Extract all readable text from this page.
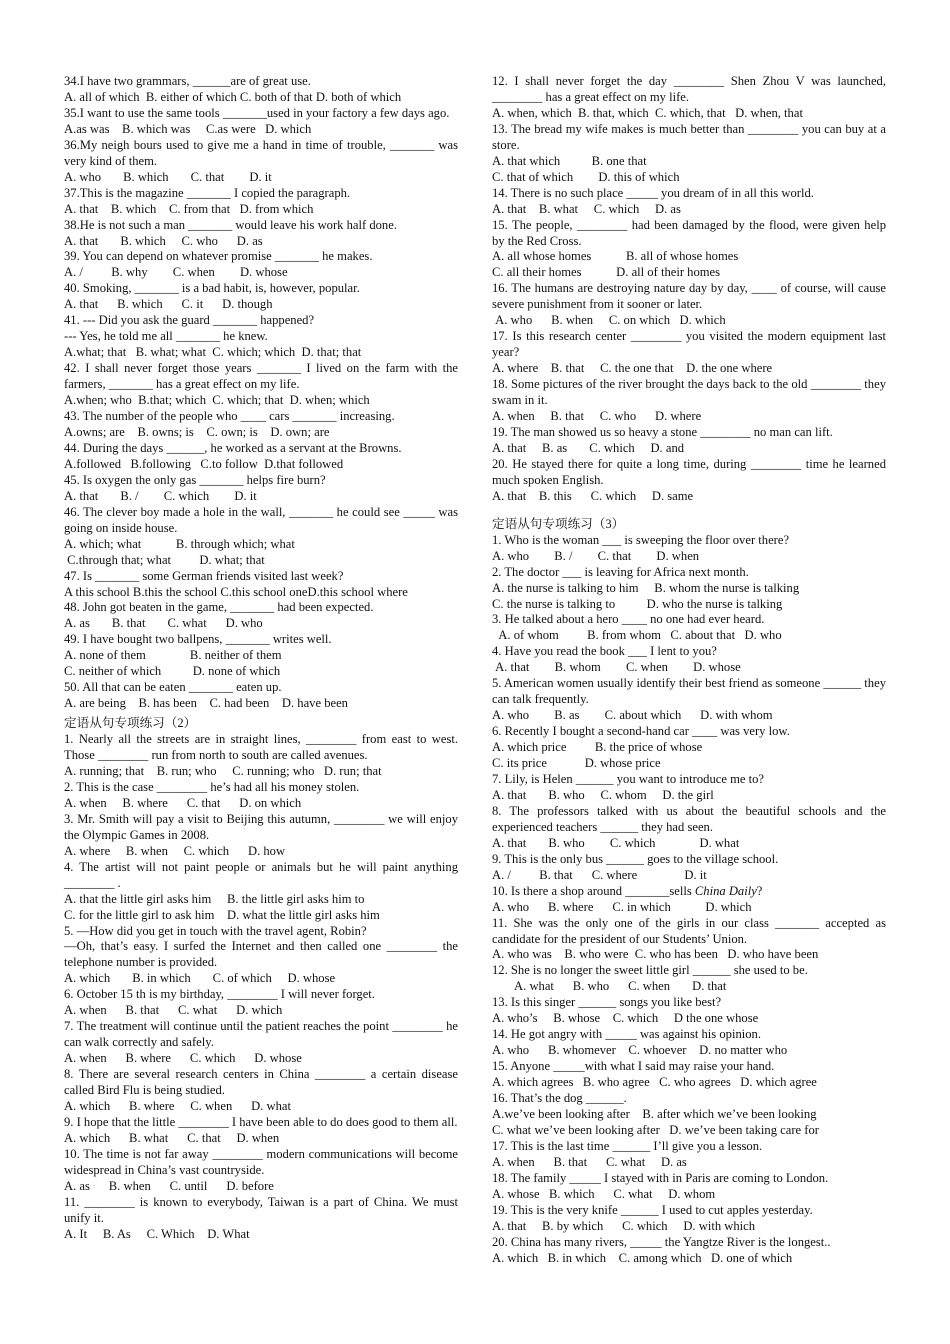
34.I have two grammars, ______are of great use.

A. all of which  B. either of which C. both of that D. both of which

35.I want to use the same tools _______used in your factory a few days ago.

A.as was    B. which was     C.as were   D. which

36.My neigh bours used to give me a hand in time of trouble, _______ was very kind of them.

A. who       B. which       C. that        D. it

37.This is the magazine _______ I copied the paragraph.

A. that    B. which    C. from that   D. from which

38.He is not such a man _______ would leave his work half done.

A. that       B. which     C. who      D. as

39. You can depend on whatever promise _______ he makes.

A. /         B. why        C. when        D. whose

40. Smoking, _______ is a bad habit, is, however, popular.

A. that      B. which      C. it      D. though

41. --- Did you ask the guard _______ happened?

--- Yes, he told me all _______ he knew.

A.what; that   B. what; what  C. which; which  D. that; that

42. I shall never forget those years _______ I lived on the farm with the farmers, _______ has a great effect on my life.

A.when; who  B.that; which  C. which; that  D. when; which

43. The number of the people who ____ cars _______ increasing.

A.owns; are    B. owns; is    C. own; is    D. own; are

44. During the days ______, he worked as a servant at the Browns.

A.followed   B.following   C.to follow  D.that followed

45. Is oxygen the only gas _______ helps fire burn?

A. that       B. /        C. which        D. it

46. The clever boy made a hole in the wall, _______ he could see _____ was going on inside house.

A. which; what           B. through which; what

C.through that; what         D. what; that

47. Is _______ some German friends visited last week?

A this school B.this the school C.this school oneD.this school where

48. John got beaten in the game, _______ had been expected.

A. as       B. that       C. what      D. who

49. I have bought two ballpens, _______ writes well.

A. none of them              B. neither of them

C. neither of which          D. none of which

50. All that can be eaten _______ eaten up.

A. are being    B. has been    C. had been    D. have been

定语从句专项练习（2）

1. Nearly all the streets are in straight lines, ________ from east to west. Those ________ run from north to south are called avenues.

A. running; that    B. run; who     C. running; who   D. run; that

2. This is the case ________ he’s had all his money stolen.

A. when     B. where      C. that      D. on which

3. Mr. Smith will pay a visit to Beijing this autumn, ________ we will enjoy  the Olympic Games in 2008.

A. where     B. when     C. which      D. how

4. The artist will not paint people or animals but he will paint anything ________ .

A. that the little girl asks him     B. the little girl asks him to

C. for the little girl to ask him    D. what the little girl asks him

5. —How did you get in touch with the travel agent, Robin?

—Oh, that’s easy. I surfed the Internet and then called one ________ the telephone number is provided.

A. which       B. in which       C. of which     D. whose

6. October 15 th is my birthday, ________ I will never forget.

A. when      B. that      C. what      D. which

7. The treatment will continue until the patient reaches the point ________ he can walk correctly and safely.

A. when      B. where      C. which      D. whose

8. There are several research centers in China ________ a certain disease called Bird Flu is being studied.

A. which      B. where     C. when      D. what

9. I hope that the little ________ I have been able to do does good to them all.

A. which      B. what      C. that     D. when

10. The time is not far away ________ modern communications will become widespread in China’s vast countryside.

A. as      B. when      C. until      D. before

11. ________ is known to everybody, Taiwan is a part of China. We must unify it.

A. It     B. As     C. Which    D. What

12. I shall never forget the day ________ Shen Zhou V was launched, ________ has a great effect on my life.

A. when, which  B. that, which  C. which, that   D. when, that

13. The bread my wife makes is much better than ________ you can buy at a store.

A. that which          B. one that

C. that of which        D. this of which

14. There is no such place _____ you dream of in all this world.

A. that    B. what     C. which     D. as

15. The people, ________ had been damaged by the flood, were given help by the Red Cross.

A. all whose homes           B. all of whose homes

C. all their homes           D. all of their homes

16. The humans are destroying nature day by day, ____ of course, will cause severe punishment from it sooner or later.

A. who      B. when     C. on which   D. which

17. Is this research center ________ you visited the modern equipment last year?

A. where    B. that     C. the one that    D. the one where

18. Some pictures of the river brought the days back to the old ________ they swam in it.

A. when     B. that     C. who      D. where

19. The man showed us so heavy a stone ________ no man can lift.

A. that     B. as       C. which     D. and

20. He stayed there for quite a long time, during ________ time he learned much spoken English.

A. that    B. this      C. which     D. same

定语从句专项练习（3）

1. Who is the woman ___ is sweeping the floor over there?

A. who        B. /        C. that        D. when

2. The doctor ___ is leaving for Africa next month.

A. the nurse is talking to him     B. whom the nurse is talking

C. the nurse is talking to          D. who the nurse is talking

3. He talked about a hero ____ no one had ever heard.

A. of whom         B. from whom   C. about that   D. who

4. Have you read the book ___ I lent to you?

A. that        B. whom        C. when        D. whose

5. American women usually identify their best friend as someone ______ they can talk frequently.

A. who        B. as        C. about which      D. with whom

6. Recently I bought a second-hand car ____ was very low.

A. which price         B. the price of whose

C. its price            D. whose price

7. Lily, is Helen ______ you want to introduce me to?

A. that       B. who     C. whom     D. the girl

8. The professors talked with us about the beautiful schools and the experienced teachers ______ they had seen.

A. that       B. who        C. which              D. what

9. This is the only bus ______ goes to the village school.

A. /         B. that      C. where               D. it

10. Is there a shop around _______sells China Daily?

A. who      B. where      C. in which           D. which

11. She was the only one of the girls in our class _______ accepted as candidate for the president of our Students’ Union.

A. who was    B. who were  C. who has been   D. who have been

12. She is no longer the sweet little girl ______ she used to be.

A. what      B. who      C. when       D. that

13. Is this singer ______ songs you like best?

A. who’s     B. whose    C. which     D the one whose

14. He got angry with _____ was against his opinion.

A. who      B. whomever    C. whoever    D. no matter who

15. Anyone _____with what I said may raise your hand.

A. which agrees   B. who agree   C. who agrees   D. which agree

16. That’s the dog ______.

A.we’ve been looking after    B. after which we’ve been looking

C. what we’ve been looking after   D. we’ve been taking care for

17. This is the last time ______ I’ll give you a lesson.

A. when      B. that      C. what     D. as

18. The family _____ I stayed with in Paris are coming to London.

A. whose   B. which      C. what     D. whom

19. This is the very knife ______ I used to cut apples yesterday.

A. that     B. by which      C. which     D. with which

20. China has many rivers, _____ the Yangtze River is the longest..

A. which   B. in which    C. among which   D. one of which
